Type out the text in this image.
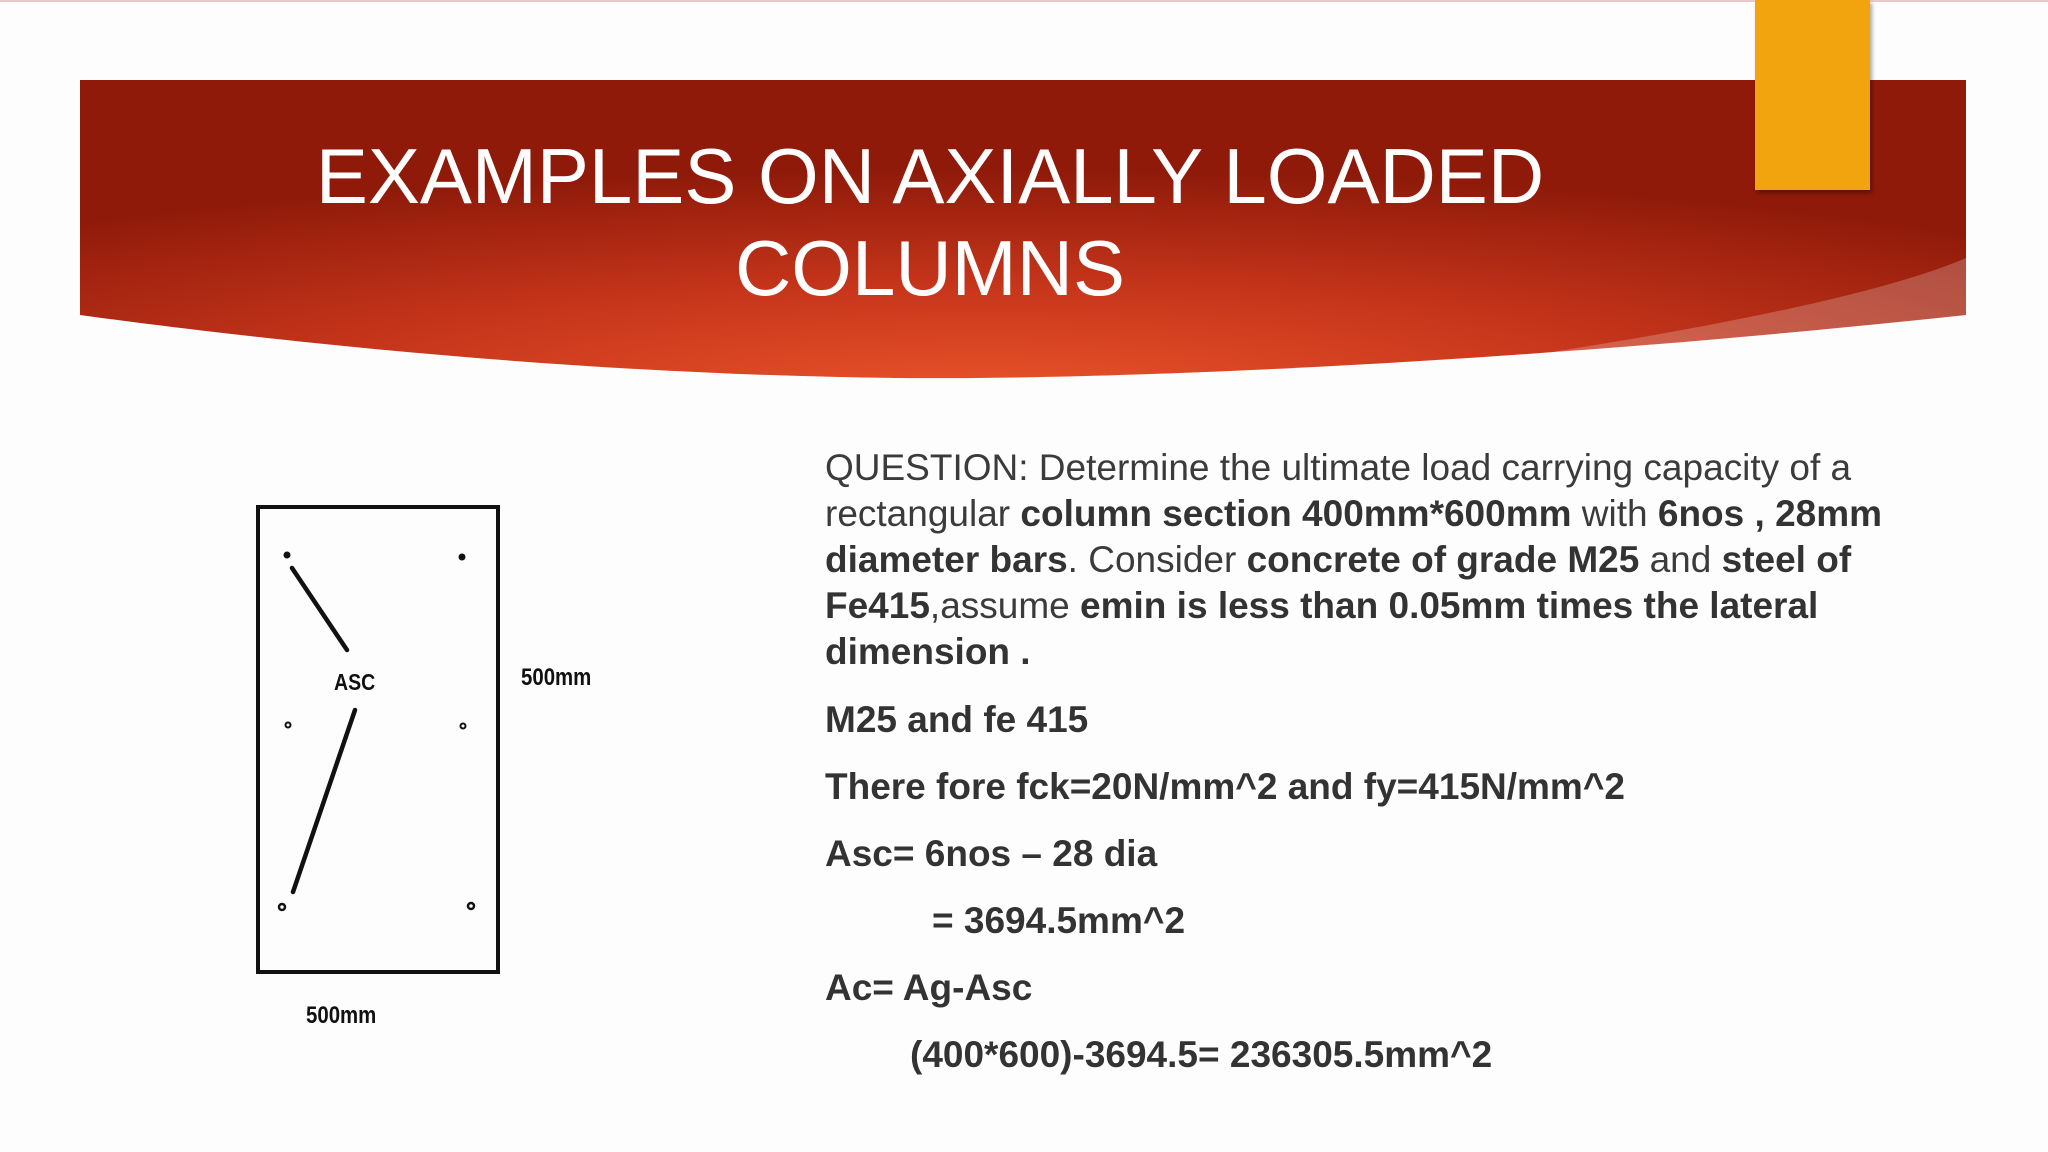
EXAMPLES ON AXIALLY LOADED
COLUMNS
ASC	500mm
500mm
QUESTION: Determine the ultimate load carrying capacity of a rectangular column section 400mm*600mm with 6nos , 28mm diameter bars. Consider concrete of grade M25 and steel of Fe415,assume emin is less than 0.05mm times the lateral dimension .
M25 and fe 415
There fore fck=20N/mm^2 and fy=415N/mm^2
Asc= 6nos – 28 dia
= 3694.5mm^2
Ac= Ag-Asc
(400*600)-3694.5= 236305.5mm^2
